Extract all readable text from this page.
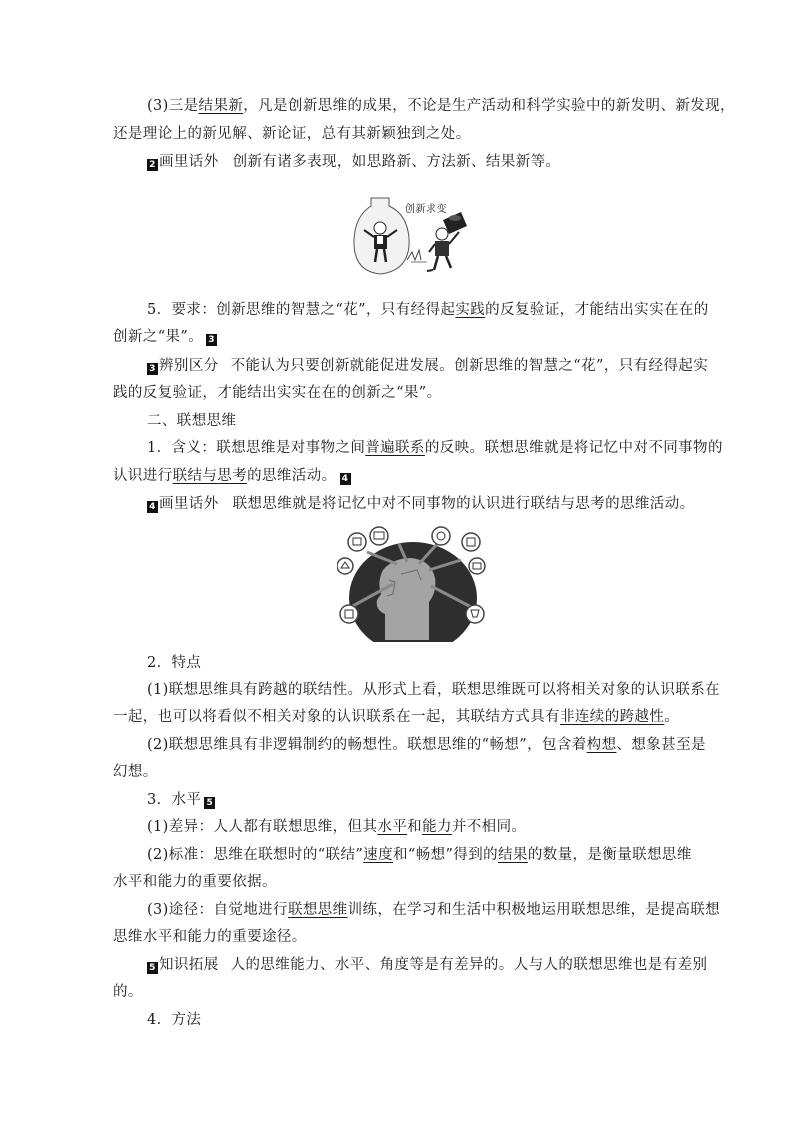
(3)三是结果新，凡是创新思维的成果，不论是生产活动和科学实验中的新发明、新发现，
还是理论上的新见解、新论证，总有其新颖独到之处。
2 画里话外 创新有诸多表现，如思路新、方法新、结果新等。
创新求变
5．要求：创新思维的智慧之“花”，只有经得起实践的反复验证，才能结出实实在在的
创新之“果”。 3
3 辨别区分 不能认为只要创新就能促进发展。创新思维的智慧之“花”，只有经得起实
践的反复验证，才能结出实实在在的创新之“果”。
二、联想思维
1．含义：联想思维是对事物之间普遍联系的反映。联想思维就是将记忆中对不同事物的
认识进行联结与思考的思维活动。 4
4 画里话外 联想思维就是将记忆中对不同事物的认识进行联结与思考的思维活动。
2．特点
(1)联想思维具有跨越的联结性。从形式上看，联想思维既可以将相关对象的认识联系在
一起，也可以将看似不相关对象的认识联系在一起，其联结方式具有非连续的跨越性。
(2)联想思维具有非逻辑制约的畅想性。联想思维的“畅想”，包含着构想、想象甚至是
幻想。
3．水平 5
(1)差异：人人都有联想思维，但其水平和能力并不相同。
(2)标准：思维在联想时的“联结”速度和“畅想”得到的结果的数量，是衡量联想思维
水平和能力的重要依据。
(3)途径：自觉地进行联想思维训练，在学习和生活中积极地运用联想思维，是提高联想
思维水平和能力的重要途径。
5 知识拓展 人的思维能力、水平、角度等是有差异的。人与人的联想思维也是有差别
的。
4．方法
